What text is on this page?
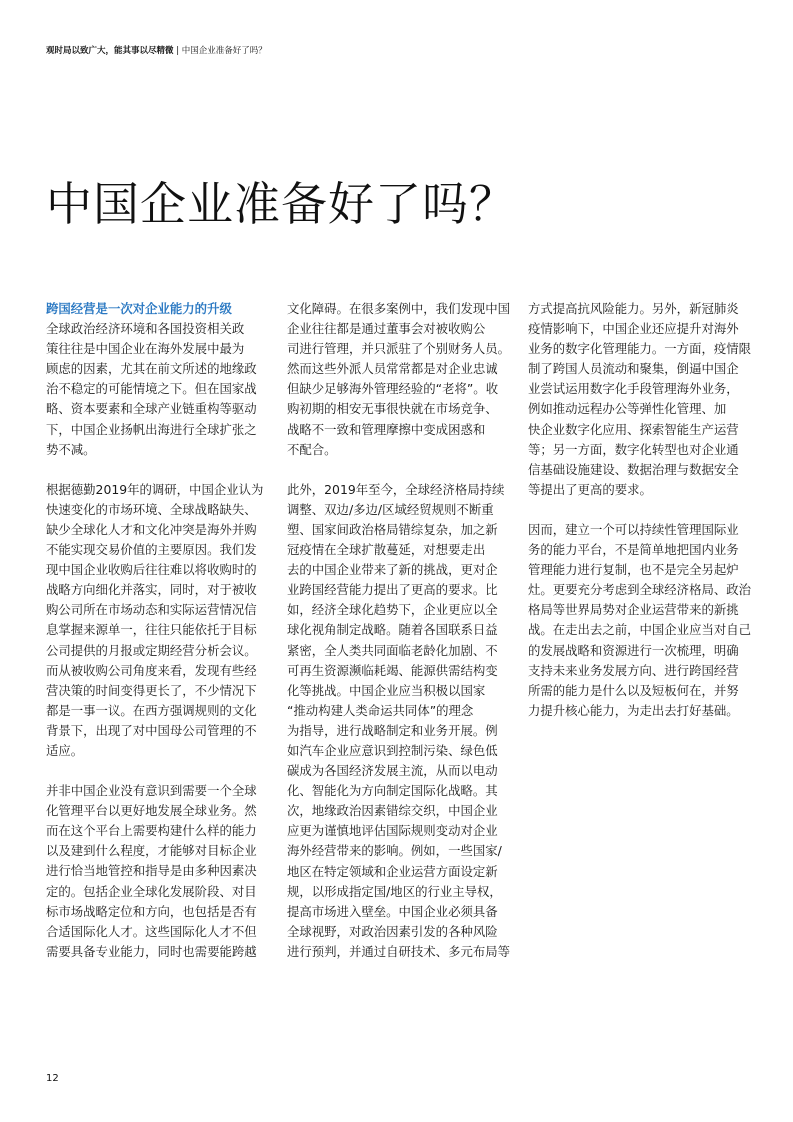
观时局以致广大，能其事以尽精微 | 中国企业准备好了吗？
中国企业准备好了吗？
跨国经营是一次对企业能力的升级

全球政治经济环境和各国投资相关政
策往往是中国企业在海外发展中最为
顾虑的因素，尤其在前文所述的地缘政
治不稳定的可能情境之下。但在国家战
略、资本要素和全球产业链重构等驱动
下，中国企业扬帆出海进行全球扩张之
势不减。

根据德勤2019年的调研，中国企业认为
快速变化的市场环境、全球战略缺失、
缺少全球化人才和文化冲突是海外并购
不能实现交易价值的主要原因。我们发
现中国企业收购后往往难以将收购时的
战略方向细化并落实，同时，对于被收
购公司所在市场动态和实际运营情况信
息掌握来源单一，往往只能依托于目标
公司提供的月报或定期经营分析会议。
而从被收购公司角度来看，发现有些经
营决策的时间变得更长了，不少情况下
都是一事一议。在西方强调规则的文化
背景下，出现了对中国母公司管理的不
适应。

并非中国企业没有意识到需要一个全球
化管理平台以更好地发展全球业务。然
而在这个平台上需要构建什么样的能力
以及建到什么程度，才能够对目标企业
进行恰当地管控和指导是由多种因素决
定的。包括企业全球化发展阶段、对目
标市场战略定位和方向，也包括是否有
合适国际化人才。这些国际化人才不但
需要具备专业能力，同时也需要能跨越

文化障碍。在很多案例中，我们发现中国
企业往往都是通过董事会对被收购公
司进行管理，并只派驻了个别财务人员。
然而这些外派人员常常都是对企业忠诚
但缺少足够海外管理经验的“老将”。收
购初期的相安无事很快就在市场竞争、
战略不一致和管理摩擦中变成困惑和
不配合。

此外，2019年至今，全球经济格局持续
调整、双边/多边/区域经贸规则不断重
塑、国家间政治格局错综复杂，加之新
冠疫情在全球扩散蔓延，对想要走出
去的中国企业带来了新的挑战，更对企
业跨国经营能力提出了更高的要求。比
如，经济全球化趋势下，企业更应以全
球化视角制定战略。随着各国联系日益
紧密，全人类共同面临老龄化加剧、不
可再生资源濒临耗竭、能源供需结构变
化等挑战。中国企业应当积极以国家
“推动构建人类命运共同体”的理念
为指导，进行战略制定和业务开展。例
如汽车企业应意识到控制污染、绿色低
碳成为各国经济发展主流，从而以电动
化、智能化为方向制定国际化战略。其
次，地缘政治因素错综交织，中国企业
应更为谨慎地评估国际规则变动对企业
海外经营带来的影响。例如，一些国家/
地区在特定领域和企业运营方面设定新
规，以形成指定国/地区的行业主导权，
提高市场进入壁垒。中国企业必须具备
全球视野，对政治因素引发的各种风险
进行预判，并通过自研技术、多元布局等

方式提高抗风险能力。另外，新冠肺炎
疫情影响下，中国企业还应提升对海外
业务的数字化管理能力。一方面，疫情限
制了跨国人员流动和聚集，倒逼中国企
业尝试运用数字化手段管理海外业务，
例如推动远程办公等弹性化管理、加
快企业数字化应用、探索智能生产运营
等；另一方面，数字化转型也对企业通
信基础设施建设、数据治理与数据安全
等提出了更高的要求。

因而，建立一个可以持续性管理国际业
务的能力平台，不是简单地把国内业务
管理能力进行复制，也不是完全另起炉
灶。更要充分考虑到全球经济格局、政治
格局等世界局势对企业运营带来的新挑
战。在走出去之前，中国企业应当对自己
的发展战略和资源进行一次梳理，明确
支持未来业务发展方向、进行跨国经营
所需的能力是什么以及短板何在，并努
力提升核心能力，为走出去打好基础。

12
